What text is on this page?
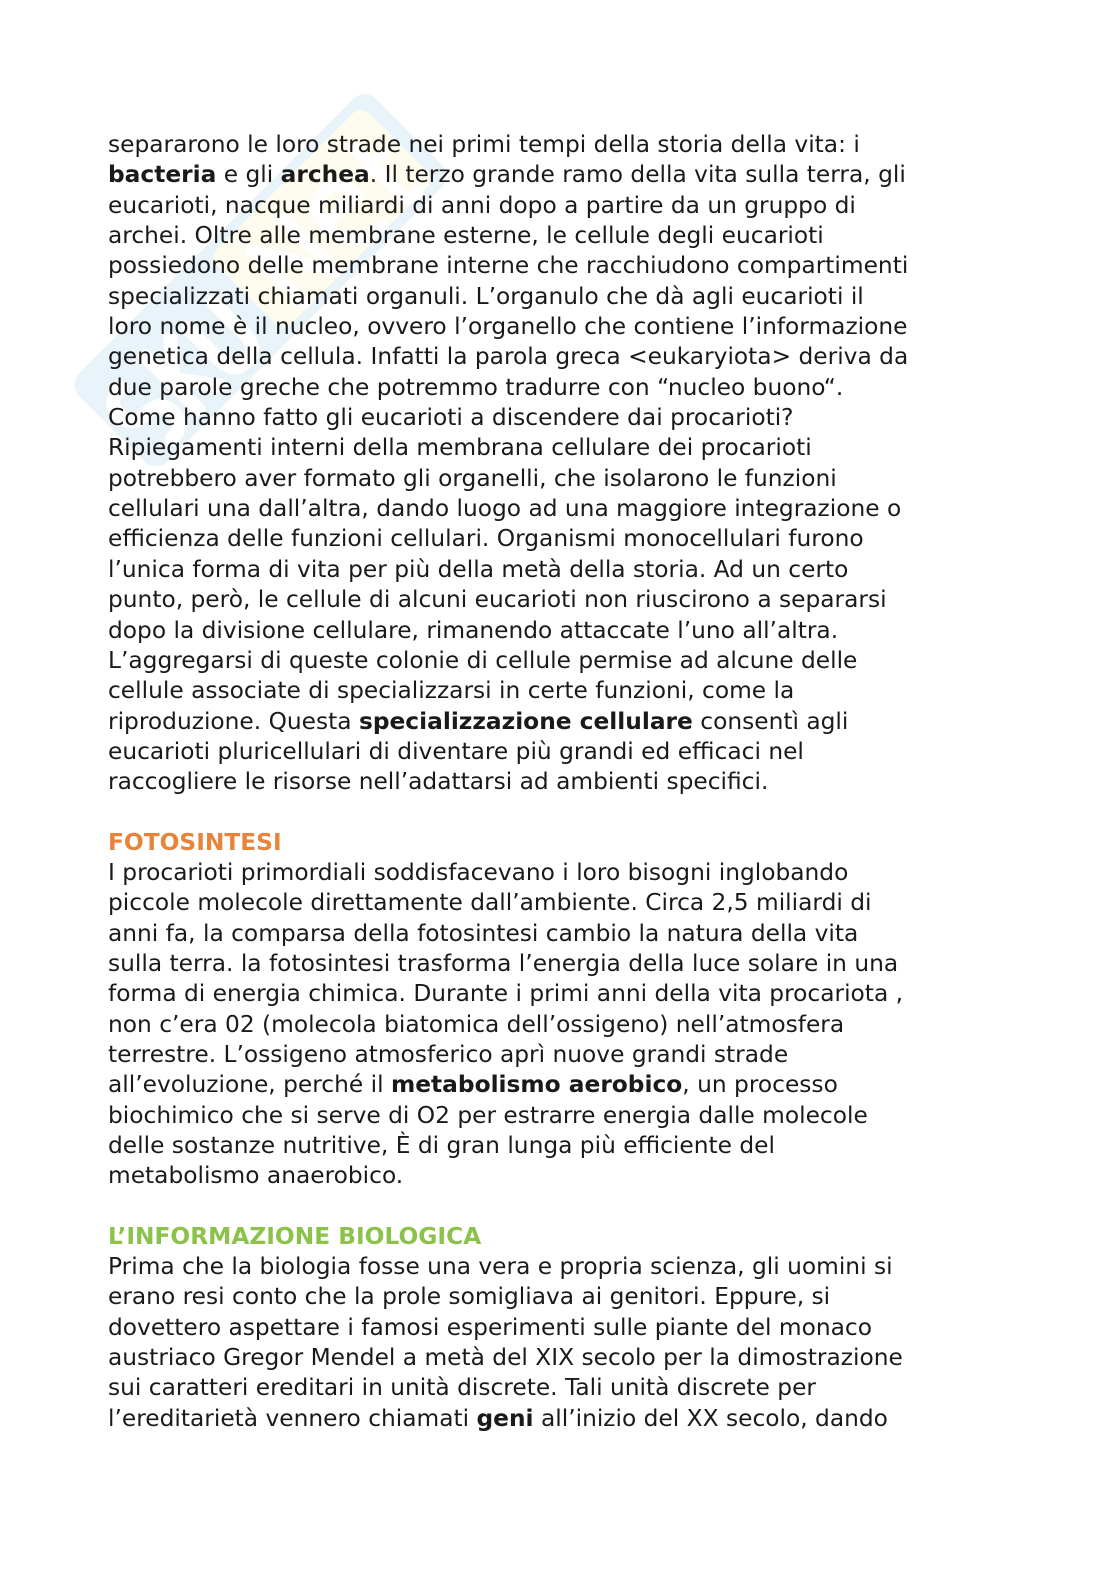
separarono le loro strade nei primi tempi della storia della vita: i
bacteria e gli archea. Il terzo grande ramo della vita sulla terra, gli
eucarioti, nacque miliardi di anni dopo a partire da un gruppo di
archei. Oltre alle membrane esterne, le cellule degli eucarioti
possiedono delle membrane interne che racchiudono compartimenti
specializzati chiamati organuli. L’organulo che dà agli eucarioti il
loro nome è il nucleo, ovvero l’organello che contiene l’informazione
genetica della cellula. Infatti la parola greca <eukaryiota> deriva da
due parole greche che potremmo tradurre con “nucleo buono“.
Come hanno fatto gli eucarioti a discendere dai procarioti?
Ripiegamenti interni della membrana cellulare dei procarioti
potrebbero aver formato gli organelli, che isolarono le funzioni
cellulari una dall’altra, dando luogo ad una maggiore integrazione o
efficienza delle funzioni cellulari. Organismi monocellulari furono
l’unica forma di vita per più della metà della storia. Ad un certo
punto, però, le cellule di alcuni eucarioti non riuscirono a separarsi
dopo la divisione cellulare, rimanendo attaccate l’uno all’altra.
L’aggregarsi di queste colonie di cellule permise ad alcune delle
cellule associate di specializzarsi in certe funzioni, come la
riproduzione. Questa specializzazione cellulare consentì agli
eucarioti pluricellulari di diventare più grandi ed efficaci nel
raccogliere le risorse nell’adattarsi ad ambienti specifici.
FOTOSINTESI
I procarioti primordiali soddisfacevano i loro bisogni inglobando
piccole molecole direttamente dall’ambiente. Circa 2,5 miliardi di
anni fa, la comparsa della fotosintesi cambio la natura della vita
sulla terra. la fotosintesi trasforma l’energia della luce solare in una
forma di energia chimica. Durante i primi anni della vita procariota ,
non c’era 02 (molecola biatomica dell’ossigeno) nell’atmosfera
terrestre. L’ossigeno atmosferico aprì nuove grandi strade
all’evoluzione, perché il metabolismo aerobico, un processo
biochimico che si serve di O2 per estrarre energia dalle molecole
delle sostanze nutritive, È di gran lunga più efficiente del
metabolismo anaerobico.
L’INFORMAZIONE BIOLOGICA
Prima che la biologia fosse una vera e propria scienza, gli uomini si
erano resi conto che la prole somigliava ai genitori. Eppure, si
dovettero aspettare i famosi esperimenti sulle piante del monaco
austriaco Gregor Mendel a metà del XIX secolo per la dimostrazione
sui caratteri ereditari in unità discrete. Tali unità discrete per
l’ereditarietà vennero chiamati geni all’inizio del XX secolo, dando
